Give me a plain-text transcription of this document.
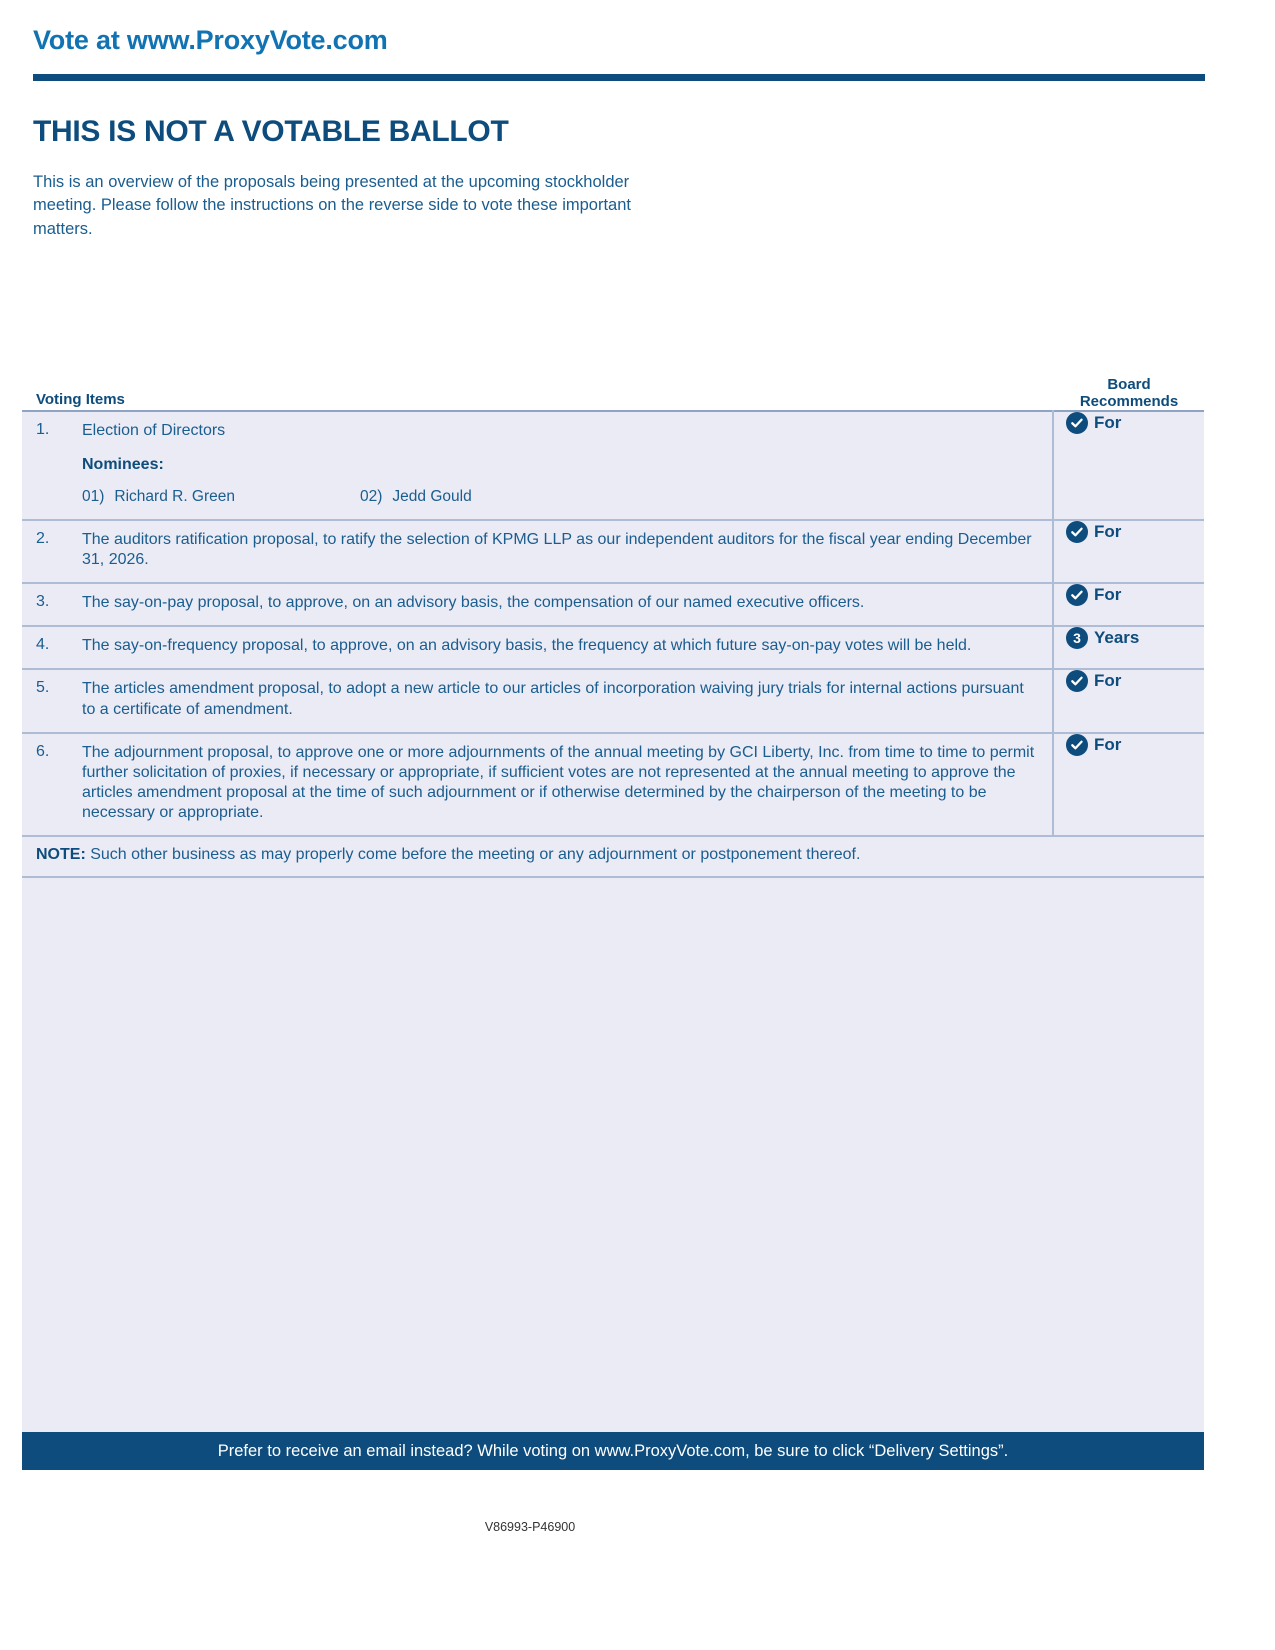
Vote at www.ProxyVote.com
THIS IS NOT A VOTABLE BALLOT
This is an overview of the proposals being presented at the upcoming stockholder meeting. Please follow the instructions on the reverse side to vote these important matters.
Voting Items
Board
Recommends
1.	Election of Directors
Nominees:
01) Richard R. Green 02) Jedd Gould	For

2.	The auditors ratification proposal, to ratify the selection of KPMG LLP as our independent auditors for the fiscal year ending December 31, 2026.	For

3.	The say-on-pay proposal, to approve, on an advisory basis, the compensation of our named executive officers.	For

4.	The say-on-frequency proposal, to approve, on an advisory basis, the frequency at which future say-on-pay votes will be held.	3 Years

5.	The articles amendment proposal, to adopt a new article to our articles of incorporation waiving jury trials for internal actions pursuant to a certificate of amendment.	For

6.	The adjournment proposal, to approve one or more adjournments of the annual meeting by GCI Liberty, Inc. from time to time to permit further solicitation of proxies, if necessary or appropriate, if sufficient votes are not represented at the annual meeting to approve the articles amendment proposal at the time of such adjournment or if otherwise determined by the chairperson of the meeting to be necessary or appropriate.	For

NOTE: Such other business as may properly come before the meeting or any adjournment or postponement thereof.		
Prefer to receive an email instead? While voting on www.ProxyVote.com, be sure to click “Delivery Settings”.
V86993-P46900
